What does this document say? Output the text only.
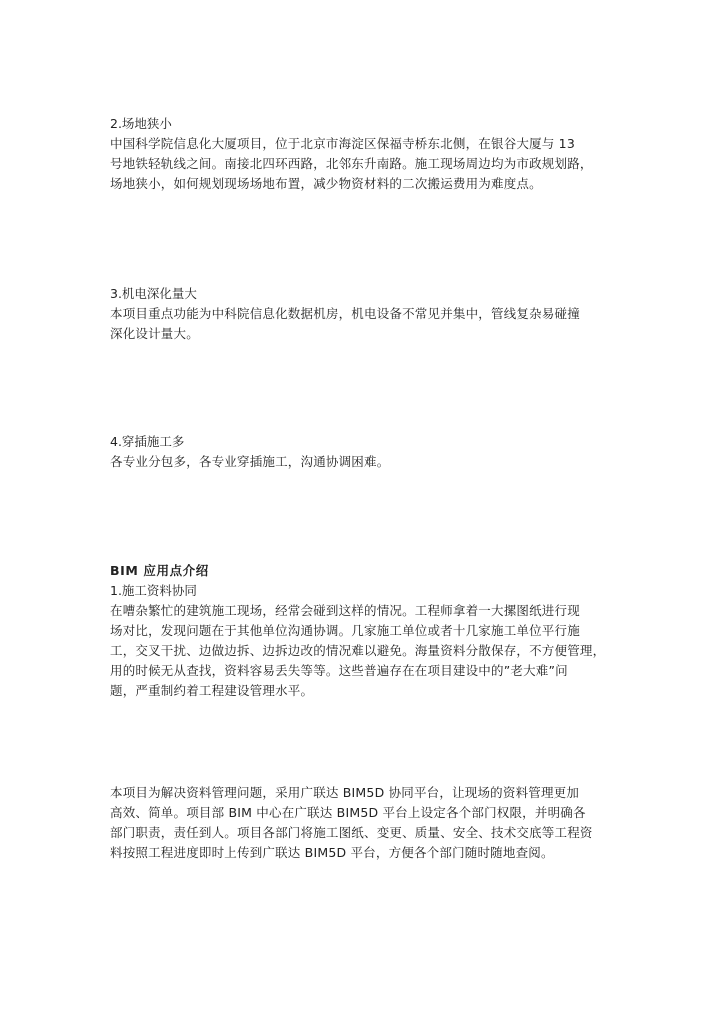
2.场地狭小

中国科学院信息化大厦项目，位于北京市海淀区保福寺桥东北侧，在银谷大厦与 13

号地铁轻轨线之间。南接北四环西路，北邻东升南路。施工现场周边均为市政规划路，

场地狭小，如何规划现场场地布置，减少物资材料的二次搬运费用为难度点。

3.机电深化量大

本项目重点功能为中科院信息化数据机房，机电设备不常见并集中，管线复杂易碰撞

深化设计量大。

4.穿插施工多

各专业分包多，各专业穿插施工，沟通协调困难。

BIM 应用点介绍

1.施工资料协同

在嘈杂繁忙的建筑施工现场，经常会碰到这样的情况。工程师拿着一大摞图纸进行现

场对比，发现问题在于其他单位沟通协调。几家施工单位或者十几家施工单位平行施

工，交叉干扰、边做边拆、边拆边改的情况难以避免。海量资料分散保存，不方便管理，

用的时候无从查找，资料容易丢失等等。这些普遍存在在项目建设中的”老大难”问

题，严重制约着工程建设管理水平。

本项目为解决资料管理问题，采用广联达 BIM5D 协同平台，让现场的资料管理更加

高效、简单。项目部 BIM 中心在广联达 BIM5D 平台上设定各个部门权限，并明确各

部门职责，责任到人。项目各部门将施工图纸、变更、质量、安全、技术交底等工程资

料按照工程进度即时上传到广联达 BIM5D 平台，方便各个部门随时随地查阅。
